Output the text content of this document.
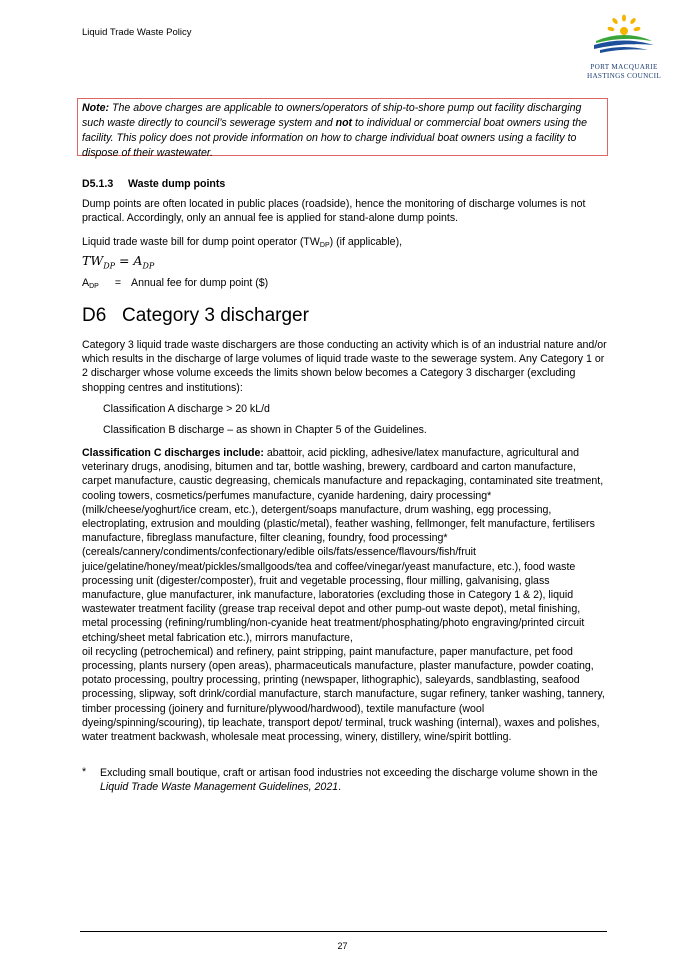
Liquid Trade Waste Policy
PORT MACQUARIE
HASTINGS COUNCIL
Note: The above charges are applicable to owners/operators of ship-to-shore pump out facility discharging such waste directly to council’s sewerage system and not to individual or commercial boat owners using the facility. This policy does not provide information on how to charge individual boat owners using a facility to dispose of their wastewater.
D5.1.3 Waste dump points
Dump points are often located in public places (roadside), hence the monitoring of discharge volumes is not practical. Accordingly, only an annual fee is applied for stand-alone dump points.
Liquid trade waste bill for dump point operator $(TW_{DP})$ (if applicable),
$TW_{DP} = A_{DP}$
$A_{DP}$ = Annual fee for dump point ($)
D6 Category 3 discharger
Category 3 liquid trade waste dischargers are those conducting an activity which is of an industrial nature and/or which results in the discharge of large volumes of liquid trade waste to the sewerage system. Any Category 1 or 2 discharger whose volume exceeds the limits shown below becomes a Category 3 discharger (excluding shopping centres and institutions):
Classification A discharge > 20 kL/d
Classification B discharge – as shown in Chapter 5 of the Guidelines.
Classification C discharges include: abattoir, acid pickling, adhesive/latex manufacture, agricultural and veterinary drugs, anodising, bitumen and tar, bottle washing, brewery, cardboard and carton manufacture, carpet manufacture, caustic degreasing, chemicals manufacture and repackaging, contaminated site treatment, cooling towers, cosmetics/perfumes manufacture, cyanide hardening, dairy processing* (milk/cheese/yoghurt/ice cream, etc.), detergent/soaps manufacture, drum washing, egg processing, electroplating, extrusion and moulding (plastic/metal), feather washing, fellmonger, felt manufacture, fertilisers manufacture, fibreglass manufacture, filter cleaning, foundry, food processing* (cereals/cannery/condiments/confectionary/edible oils/fats/essence/flavours/fish/fruit juice/gelatine/honey/meat/pickles/smallgoods/tea and coffee/vinegar/yeast manufacture, etc.), food waste processing unit (digester/composter), fruit and vegetable processing, flour milling, galvanising, glass manufacture, glue manufacturer, ink manufacture, laboratories (excluding those in Category 1 & 2), liquid wastewater treatment facility (grease trap receival depot and other pump-out waste depot), metal finishing, metal processing (refining/rumbling/non-cyanide heat treatment/phosphating/photo engraving/printed circuit etching/sheet metal fabrication etc.), mirrors manufacture,
oil recycling (petrochemical) and refinery, paint stripping, paint manufacture, paper manufacture, pet food processing, plants nursery (open areas), pharmaceuticals manufacture, plaster manufacture, powder coating, potato processing, poultry processing, printing (newspaper, lithographic), saleyards, sandblasting, seafood processing, slipway, soft drink/cordial manufacture, starch manufacture, sugar refinery, tanker washing, tannery, timber processing (joinery and furniture/plywood/hardwood), textile manufacture (wool dyeing/spinning/scouring), tip leachate, transport depot/ terminal, truck washing (internal), waxes and polishes, water treatment backwash, wholesale meat processing, winery, distillery, wine/spirit bottling.
* Excluding small boutique, craft or artisan food industries not exceeding the discharge volume shown in the Liquid Trade Waste Management Guidelines, 2021.
27
